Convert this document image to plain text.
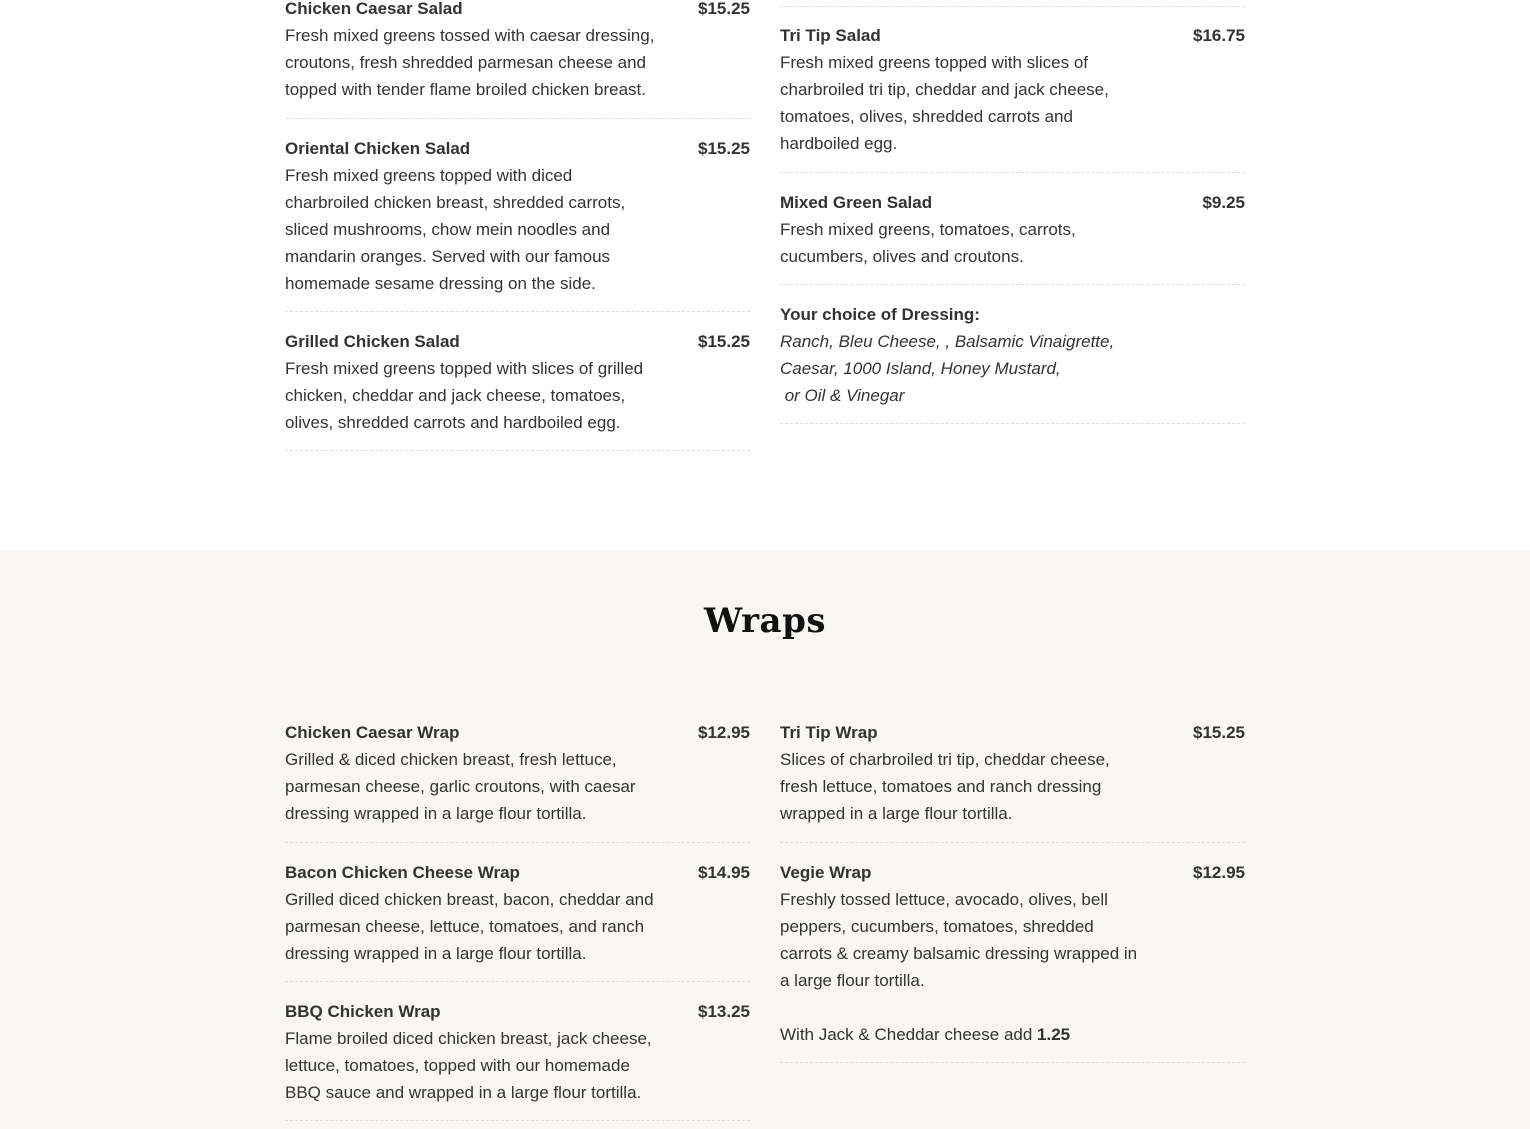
Chicken Caesar Salad	$15.25
Fresh mixed greens tossed with caesar dressing, croutons, fresh shredded parmesan cheese and topped with tender flame broiled chicken breast.
Oriental Chicken Salad	$15.25
Fresh mixed greens topped with diced charbroiled chicken breast, shredded carrots, sliced mushrooms, chow mein noodles and mandarin oranges. Served with our famous homemade sesame dressing on the side.
Grilled Chicken Salad	$15.25
Fresh mixed greens topped with slices of grilled chicken, cheddar and jack cheese, tomatoes, olives, shredded carrots and hardboiled egg.
Tri Tip Salad	$16.75
Fresh mixed greens topped with slices of charbroiled tri tip, cheddar and jack cheese, tomatoes, olives, shredded carrots and hardboiled egg.
Mixed Green Salad	$9.25
Fresh mixed greens, tomatoes, carrots, cucumbers, olives and croutons.
Your choice of Dressing:
Ranch, Bleu Cheese, , Balsamic Vinaigrette,
Caesar, 1000 Island, Honey Mustard,
or Oil & Vinegar
Wraps
Chicken Caesar Wrap	$12.95
Grilled & diced chicken breast, fresh lettuce, parmesan cheese, garlic croutons, with caesar dressing wrapped in a large flour tortilla.
Bacon Chicken Cheese Wrap	$14.95
Grilled diced chicken breast, bacon, cheddar and parmesan cheese, lettuce, tomatoes, and ranch dressing wrapped in a large flour tortilla.
BBQ Chicken Wrap	$13.25
Flame broiled diced chicken breast, jack cheese, lettuce, tomatoes, topped with our homemade BBQ sauce and wrapped in a large flour tortilla.
Tri Tip Wrap	$15.25
Slices of charbroiled tri tip, cheddar cheese, fresh lettuce, tomatoes and ranch dressing wrapped in a large flour tortilla.
Vegie Wrap	$12.95
Freshly tossed lettuce, avocado, olives, bell peppers, cucumbers, tomatoes, shredded carrots & creamy balsamic dressing wrapped in a large flour tortilla.
With Jack & Cheddar cheese add 1.25
